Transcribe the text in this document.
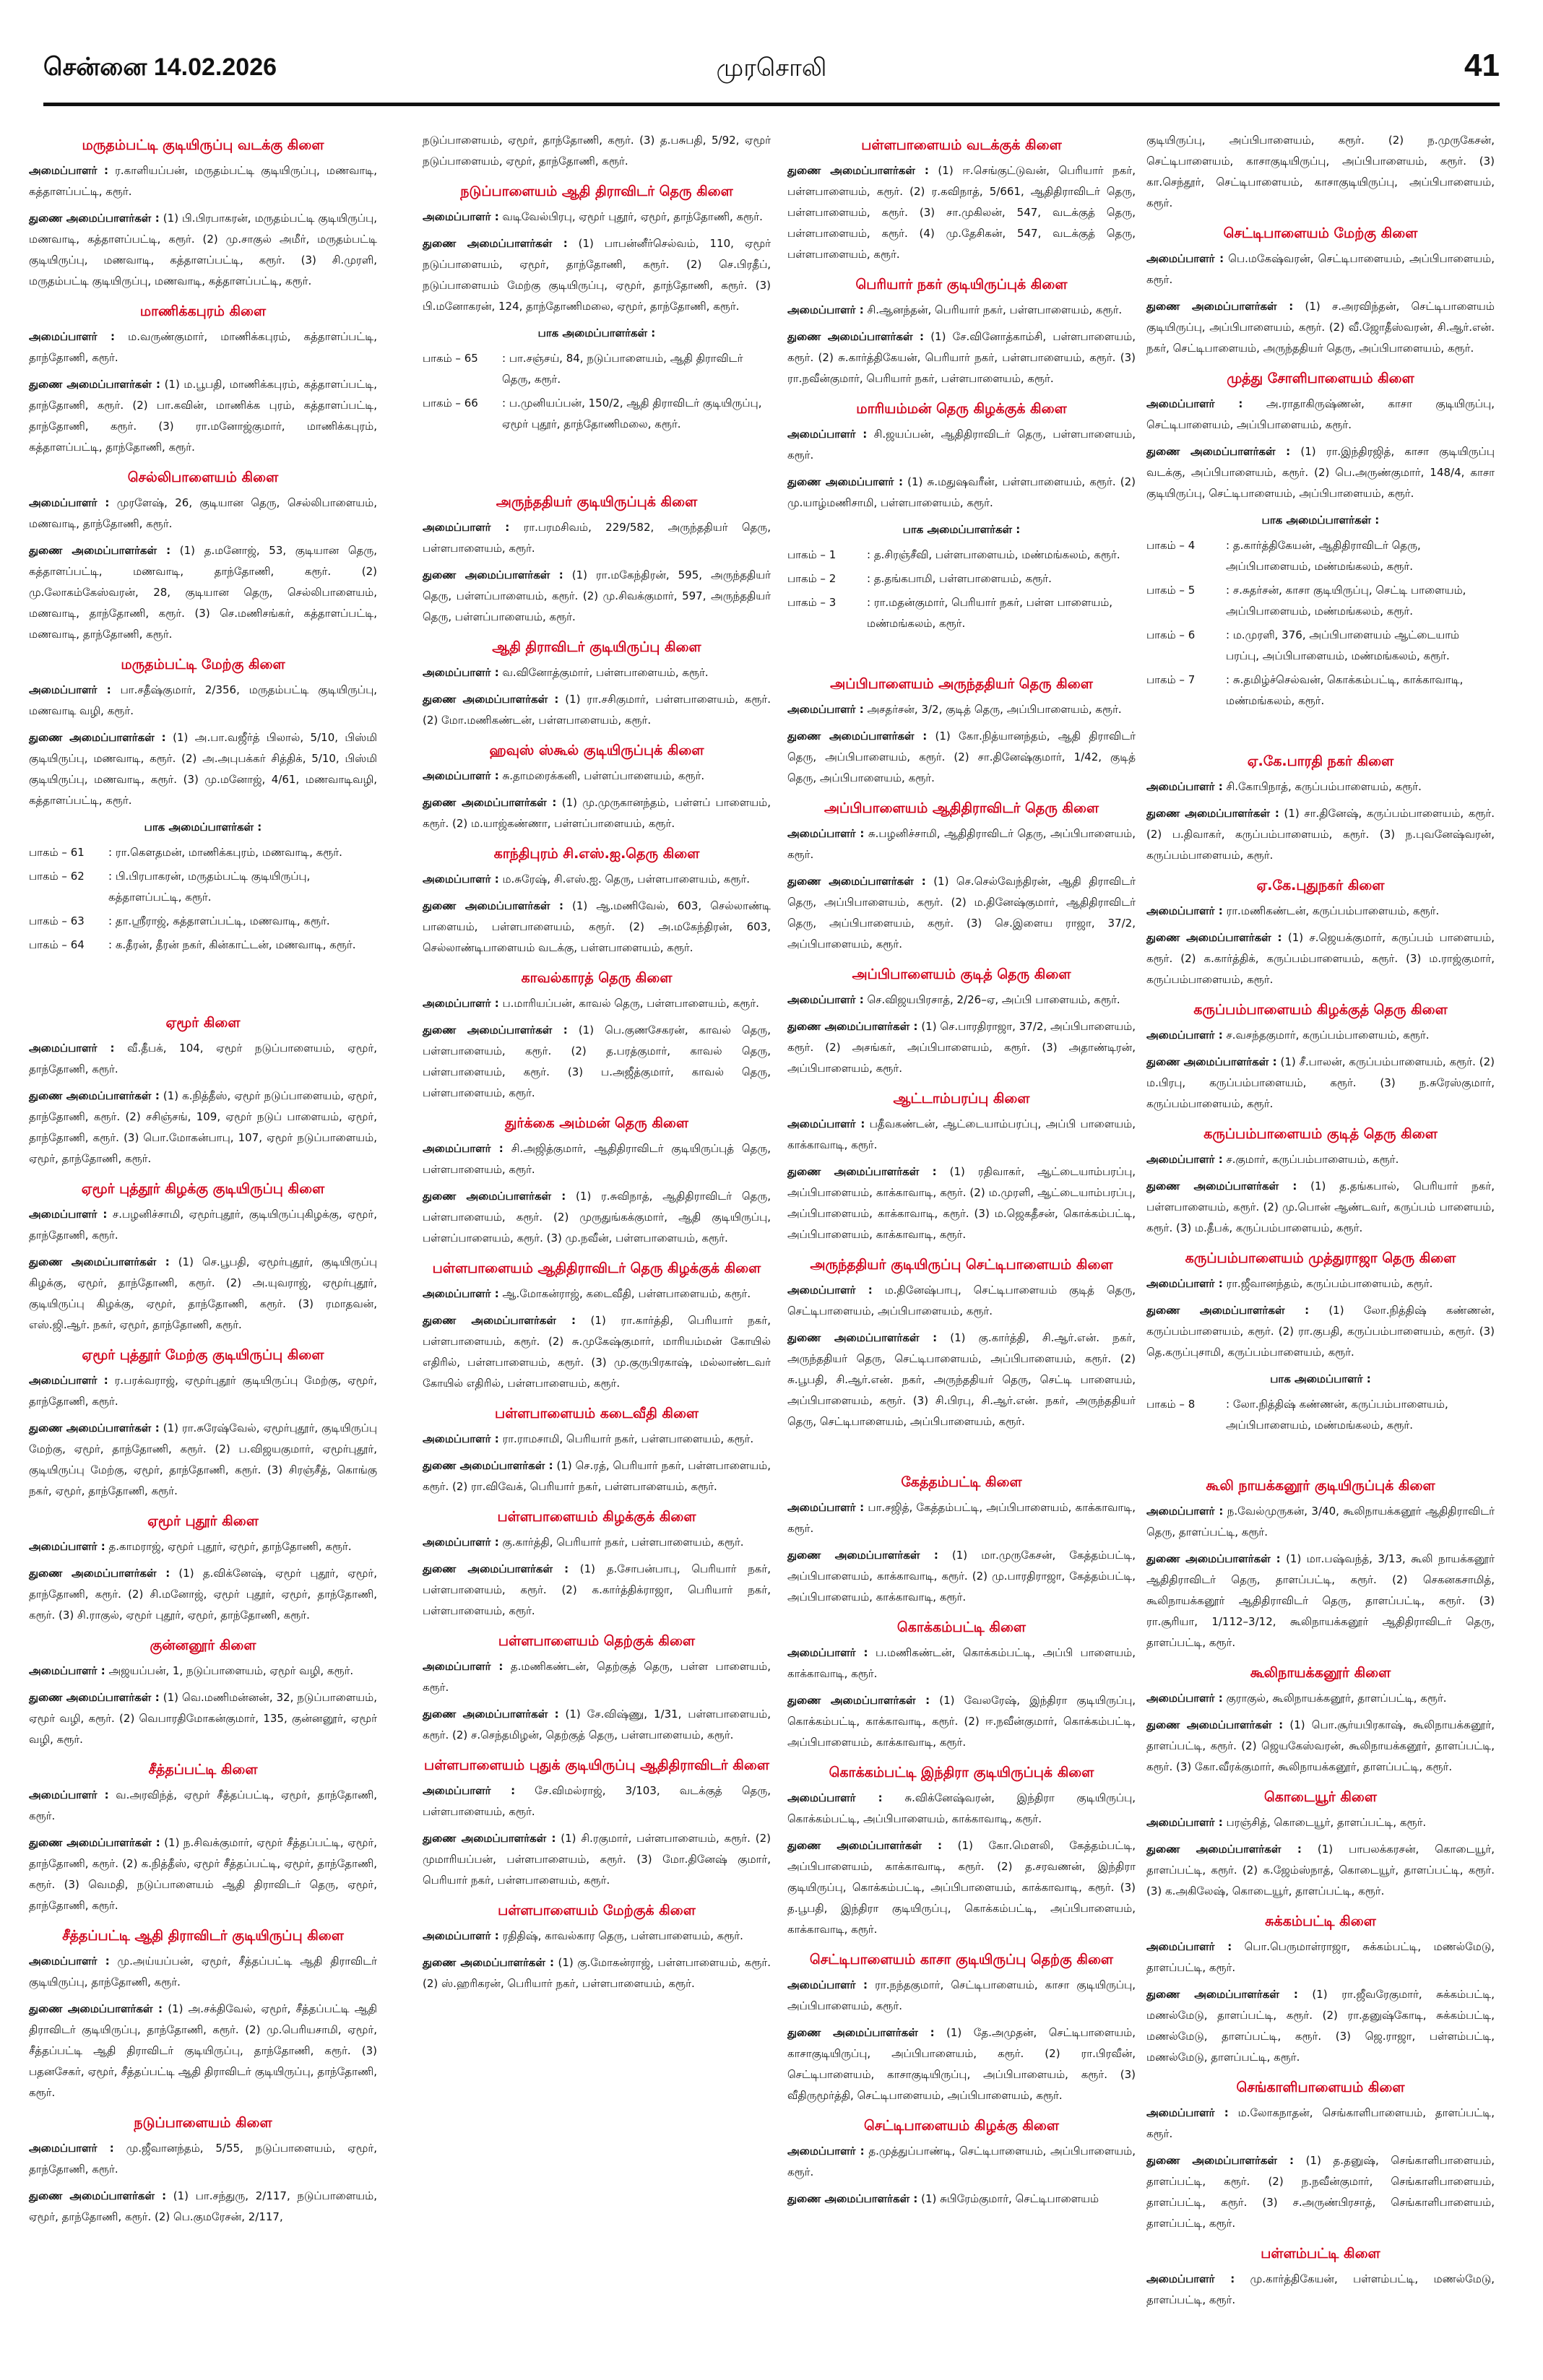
சென்னை 14.02.2026	முரசொலி	41
மருதம்பட்டி குடியிருப்பு வடக்கு கிளை
அமைப்பாளர் : ர.காளியப்பன், மருதம்பட்டி குடியிருப்பு, மணவாடி, கத்தாளப்பட்டி, கரூர்.
துணை அமைப்பாளர்கள் : (1) பி.பிரபாகரன், மருதம்பட்டி குடியிருப்பு, மணவாடி, கத்தாளப்பட்டி, கரூர். (2) மு.சாகுல் அமீர், மருதம்பட்டி குடியிருப்பு, மணவாடி, கத்தாளப்பட்டி, கரூர். (3) சி.முரளி, மருதம்பட்டி குடியிருப்பு, மணவாடி, கத்தாளப்பட்டி, கரூர்.
மாணிக்கபுரம் கிளை
அமைப்பாளர் : ம.வருண்குமார், மாணிக்கபுரம், கத்தாளப்பட்டி, தாந்தோணி, கரூர்.
துணை அமைப்பாளர்கள் : (1) ம.பூபதி, மாணிக்கபுரம், கத்தாளப்பட்டி, தாந்தோணி, கரூர். (2) பா.கவின், மாணிக்க புரம், கத்தாளப்பட்டி, தாந்தோணி, கரூர். (3) ரா.மனோஜ்குமார், மாணிக்கபுரம், கத்தாளப்பட்டி, தாந்தோணி, கரூர்.
செல்லிபாளையம் கிளை
அமைப்பாளர் : முரளேஷ், 26, குடியான தெரு, செல்லிபாளையம், மணவாடி, தாந்தோணி, கரூர்.
துணை அமைப்பாளர்கள் : (1) த.மனோஜ், 53, குடியான தெரு, கத்தாளப்பட்டி, மணவாடி, தாந்தோணி, கரூர். (2) மு.லோகம்கேஸ்வரன், 28, குடியான தெரு, செல்லிபாளையம், மணவாடி, தாந்தோணி, கரூர். (3) செ.மணிசங்கர், கத்தாளப்பட்டி, மணவாடி, தாந்தோணி, கரூர்.
மருதம்பட்டி மேற்கு கிளை
அமைப்பாளர் : பா.சதீஷ்குமார், 2/356, மருதம்பட்டி குடியிருப்பு, மணவாடி வழி, கரூர்.
துணை அமைப்பாளர்கள் : (1) அ.பா.வஜீர்த் பிலால், 5/10, பிஸ்மி குடியிருப்பு, மணவாடி, கரூர். (2) அ.அபுபக்கர் சித்திக், 5/10, பிஸ்மி குடியிருப்பு, மணவாடி, கரூர். (3) மு.மனோஜ், 4/61, மணவாடிவழி, கத்தாளப்பட்டி, கரூர்.
பாக அமைப்பாளர்கள் :
பாகம் – 61	: ரா.கௌதமன், மாணிக்கபுரம், மணவாடி, கரூர்.
பாகம் – 62	: பி.பிரபாகரன், மருதம்பட்டி குடியிருப்பு, கத்தாளப்பட்டி, கரூர்.
பாகம் – 63	: தா.ஸ்ரீராஜ், கத்தாளப்பட்டி, மணவாடி, கரூர்.
பாகம் – 64	: க.தீரன், தீரன் நகர், கின்காட்டன், மணவாடி, கரூர்.
ஏமூர் கிளை
அமைப்பாளர் : வீ.தீபக், 104, ஏமூர் நடுப்பாளையம், ஏமூர், தாந்தோணி, கரூர்.
துணை அமைப்பாளர்கள் : (1) க.நித்தீஸ், ஏமூர் நடுப்பாளையம், ஏமூர், தாந்தோணி, கரூர். (2) சசிஞ்சங், 109, ஏமூர் நடுப் பாளையம், ஏமூர், தாந்தோணி, கரூர். (3) பொ.மோகன்பாபு, 107, ஏமூர் நடுப்பாளையம், ஏமூர், தாந்தோணி, கரூர்.
ஏமூர் புத்தூர் கிழக்கு குடியிருப்பு கிளை
அமைப்பாளர் : ச.பழனிச்சாமி, ஏமூர்புதூர், குடியிருப்புகிழக்கு, ஏமூர், தாந்தோணி, கரூர்.
துணை அமைப்பாளர்கள் : (1) செ.பூபதி, ஏமூர்புதூர், குடியிருப்பு கிழக்கு, ஏமூர், தாந்தோணி, கரூர். (2) அ.யுவராஜ், ஏமூர்புதூர், குடியிருப்பு கிழக்கு, ஏமூர், தாந்தோணி, கரூர். (3) ரமாதவன், எஸ்.ஜி.ஆர். நகர், ஏமூர், தாந்தோணி, கரூர்.
ஏமூர் புத்தூர் மேற்கு குடியிருப்பு கிளை
அமைப்பாளர் : ர.பரக்வராஜ், ஏமூர்புதூர் குடியிருப்பு மேற்கு, ஏமூர், தாந்தோணி, கரூர்.
துணை அமைப்பாளர்கள் : (1) ரா.சுரேஷ்வேல், ஏமூர்புதூர், குடியிருப்பு மேற்கு, ஏமூர், தாந்தோணி, கரூர். (2) ப.விஜயகுமார், ஏமூர்புதூர், குடியிருப்பு மேற்கு, ஏமூர், தாந்தோணி, கரூர். (3) சிரஞ்சீத், கொங்கு நகர், ஏமூர், தாந்தோணி, கரூர்.
ஏமூர் புதூர் கிளை
அமைப்பாளர் : த.காமராஜ், ஏமூர் புதூர், ஏமூர், தாந்தோணி, கரூர்.
துணை அமைப்பாளர்கள் : (1) த.விக்னேஷ், ஏமூர் புதூர், ஏமூர், தாந்தோணி, கரூர். (2) சி.மனோஜ், ஏமூர் புதூர், ஏமூர், தாந்தோணி, கரூர். (3) சி.ராகுல், ஏமூர் புதூர், ஏமூர், தாந்தோணி, கரூர்.
குன்னனூர் கிளை
அமைப்பாளர் : அஜயப்பன், 1, நடுப்பாளையம், ஏமூர் வழி, கரூர்.
துணை அமைப்பாளர்கள் : (1) வெ.மணிமன்னன், 32, நடுப்பாளையம், ஏமூர் வழி, கரூர். (2) வெபாரதிமோகன்குமார், 135, குன்னனூர், ஏமூர் வழி, கரூர்.
சீத்தப்பட்டி கிளை
அமைப்பாளர் : வ.அரவிந்த், ஏமூர் சீத்தப்பட்டி, ஏமூர், தாந்தோணி, கரூர்.
துணை அமைப்பாளர்கள் : (1) ந.சிவக்குமார், ஏமூர் சீத்தப்பட்டி, ஏமூர், தாந்தோணி, கரூர். (2) க.நித்தீஸ், ஏமூர் சீத்தப்பட்டி, ஏமூர், தாந்தோணி, கரூர். (3) வெமதி, நடுப்பாளையம் ஆதி திராவிடர் தெரு, ஏமூர், தாந்தோணி, கரூர்.
சீத்தப்பட்டி ஆதி திராவிடர் குடியிருப்பு கிளை
அமைப்பாளர் : மு.அய்யப்பன், ஏமூர், சீத்தப்பட்டி ஆதி திராவிடர் குடியிருப்பு, தாந்தோணி, கரூர்.
துணை அமைப்பாளர்கள் : (1) அ.சக்திவேல், ஏமூர், சீத்தப்பட்டி ஆதி திராவிடர் குடியிருப்பு, தாந்தோணி, கரூர். (2) மு.பெரியசாமி, ஏமூர், சீத்தப்பட்டி ஆதி திராவிடர் குடியிருப்பு, தாந்தோணி, கரூர். (3) பதனசேகர், ஏமூர், சீத்தப்பட்டி ஆதி திராவிடர் குடியிருப்பு, தாந்தோணி, கரூர்.
நடுப்பாளையம் கிளை
அமைப்பாளர் : மு.ஜீவானந்தம், 5/55, நடுப்பாளையம், ஏமூர், தாந்தோணி, கரூர்.
துணை அமைப்பாளர்கள் : (1) பா.சந்துரு, 2/117, நடுப்பாளையம், ஏமூர், தாந்தோணி, கரூர். (2) பெ.குமரேசன், 2/117,
நடுப்பாளையம், ஏமூர், தாந்தோணி, கரூர். (3) த.பசுபதி, 5/92, ஏமூர் நடுப்பாளையம், ஏமூர், தாந்தோணி, கரூர்.
நடுப்பாளையம் ஆதி திராவிடர் தெரு கிளை
அமைப்பாளர் : வடிவேல்பிரபு, ஏமூர் புதூர், ஏமூர், தாந்தோணி, கரூர்.
துணை அமைப்பாளர்கள் : (1) பாபன்னீர்செல்வம், 110, ஏமூர் நடுப்பாளையம், ஏமூர், தாந்தோணி, கரூர். (2) செ.பிரதீப், நடுப்பாளையம் மேற்கு குடியிருப்பு, ஏமூர், தாந்தோணி, கரூர். (3) பி.மனோகரன், 124, தாந்தோணிமலை, ஏமூர், தாந்தோணி, கரூர்.
பாக அமைப்பாளர்கள் :
பாகம் – 65	: பா.சஞ்சய், 84, நடுப்பாளையம், ஆதி திராவிடர் தெரு, கரூர்.
பாகம் – 66	: ப.முனியப்பன், 150/2, ஆதி திராவிடர் குடியிருப்பு, ஏமூர் புதூர், தாந்தோணிமலை, கரூர்.
அருந்ததியர் குடியிருப்புக் கிளை
அமைப்பாளர் : ரா.பரமசிவம், 229/582, அருந்ததியர் தெரு, பள்ளபாளையம், கரூர்.
துணை அமைப்பாளர்கள் : (1) ரா.மகேந்திரன், 595, அருந்ததியர் தெரு, பள்ளப்பாளையம், கரூர். (2) மு.சிவக்குமார், 597, அருந்ததியர் தெரு, பள்ளப்பாளையம், கரூர்.
ஆதி திராவிடர் குடியிருப்பு கிளை
அமைப்பாளர் : வ.வினோத்குமார், பள்ளபாளையம், கரூர்.
துணை அமைப்பாளர்கள் : (1) ரா.சசிகுமார், பள்ளபாளையம், கரூர். (2) மோ.மணிகண்டன், பள்ளபாளையம், கரூர்.
ஹவுஸ் ஸ்கூல் குடியிருப்புக் கிளை
அமைப்பாளர் : சு.தாமரைக்கனி, பள்ளப்பாளையம், கரூர்.
துணை அமைப்பாளர்கள் : (1) மு.முருகானந்தம், பள்ளப் பாளையம், கரூர். (2) ம.யாஜ்கண்ணா, பள்ளப்பாளையம், கரூர்.
காந்திபுரம் சி.எஸ்.ஐ.தெரு கிளை
அமைப்பாளர் : ம.சுரேஷ், சி.எஸ்.ஐ. தெரு, பள்ளபாளையம், கரூர்.
துணை அமைப்பாளர்கள் : (1) ஆ.மணிவேல், 603, செல்லாண்டி பாளையம், பள்ளபாளையம், கரூர். (2) அ.மகேந்திரன், 603, செல்லாண்டிபாளையம் வடக்கு, பள்ளபாளையம், கரூர்.
காவல்காரத் தெரு கிளை
அமைப்பாளர் : ப.மாரியப்பன், காவல் தெரு, பள்ளபாளையம், கரூர்.
துணை அமைப்பாளர்கள் : (1) பெ.குணசேகரன், காவல் தெரு, பள்ளபாளையம், கரூர். (2) த.பரத்குமார், காவல் தெரு, பள்ளபாளையம், கரூர். (3) ப.அஜீத்குமார், காவல் தெரு, பள்ளபாளையம், கரூர்.
துர்க்கை அம்மன் தெரு கிளை
அமைப்பாளர் : சி.அஜித்குமார், ஆதிதிராவிடர் குடியிருப்புத் தெரு, பள்ளபாளையம், கரூர்.
துணை அமைப்பாளர்கள் : (1) ர.சுவிநாத், ஆதிதிராவிடர் தெரு, பள்ளபாளையம், கரூர். (2) முருதுங்கக்குமார், ஆதி குடியிருப்பு, பள்ளப்பாளையம், கரூர். (3) மு.நவீன், பள்ளபாளையம், கரூர்.
பள்ளபாளையம் ஆதிதிராவிடர் தெரு கிழக்குக் கிளை
அமைப்பாளர் : ஆ.மோகன்ராஜ், கடைவீதி, பள்ளபாளையம், கரூர்.
துணை அமைப்பாளர்கள் : (1) ரா.கார்த்தி, பெரியார் நகர், பள்ளபாளையம், கரூர். (2) சு.முகேஷ்குமார், மாரியம்மன் கோயில் எதிரில், பள்ளபாளையம், கரூர். (3) மு.குருபிரகாஷ், மல்லாண்டவர் கோயில் எதிரில், பள்ளபாளையம், கரூர்.
பள்ளபாளையம் கடைவீதி கிளை
அமைப்பாளர் : ரா.ராமசாமி, பெரியார் நகர், பள்ளபாளையம், கரூர்.
துணை அமைப்பாளர்கள் : (1) செ.ரத், பெரியார் நகர், பள்ளபாளையம், கரூர். (2) ரா.விவேக், பெரியார் நகர், பள்ளபாளையம், கரூர்.
பள்ளபாளையம் கிழக்குக் கிளை
அமைப்பாளர் : கு.கார்த்தி, பெரியார் நகர், பள்ளபாளையம், கரூர்.
துணை அமைப்பாளர்கள் : (1) த.சோபன்பாபு, பெரியார் நகர், பள்ளபாளையம், கரூர். (2) க.கார்த்திக்ராஜா, பெரியார் நகர், பள்ளபாளையம், கரூர்.
பள்ளபாளையம் தெற்குக் கிளை
அமைப்பாளர் : த.மணிகண்டன், தெற்குத் தெரு, பள்ள பாளையம், கரூர்.
துணை அமைப்பாளர்கள் : (1) சே.விஷ்ணு, 1/31, பள்ளபாளையம், கரூர். (2) ச.செந்தமிழன், தெற்குத் தெரு, பள்ளபாளையம், கரூர்.
பள்ளபாளையம் புதுக் குடியிருப்பு ஆதிதிராவிடர் கிளை
அமைப்பாளர் : சே.விமல்ராஜ், 3/103, வடக்குத் தெரு, பள்ளபாளையம், கரூர்.
துணை அமைப்பாளர்கள் : (1) சி.ரகுமார், பள்ளபாளையம், கரூர். (2) முமாரியப்பன், பள்ளபாளையம், கரூர். (3) மோ.தினேஷ் குமார், பெரியார் நகர், பள்ளபாளையம், கரூர்.
பள்ளபாளையம் மேற்குக் கிளை
அமைப்பாளர் : ரதிதிஷ், காவல்கார தெரு, பள்ளபாளையம், கரூர்.
துணை அமைப்பாளர்கள் : (1) கு.மோகன்ராஜ், பள்ளபாளையம், கரூர். (2) ஸ்.ஹரிகரன், பெரியார் நகர், பள்ளபாளையம், கரூர்.
பள்ளபாளையம் வடக்குக் கிளை
துணை அமைப்பாளர்கள் : (1) ஈ.செங்குட்டுவன், பெரியார் நகர், பள்ளபாளையம், கரூர். (2) ர.கவிநாத், 5/661, ஆதிதிராவிடர் தெரு, பள்ளபாளையம், கரூர். (3) சா.முகிலன், 547, வடக்குத் தெரு, பள்ளபாளையம், கரூர். (4) மு.தேசிகன், 547, வடக்குத் தெரு, பள்ளபாளையம், கரூர்.
பெரியார் நகர் குடியிருப்புக் கிளை
அமைப்பாளர் : சி.ஆனந்தன், பெரியார் நகர், பள்ளபாளையம், கரூர்.
துணை அமைப்பாளர்கள் : (1) சே.வினோத்காம்சி, பள்ளபாளையம், கரூர். (2) சு.கார்த்திகேயன், பெரியார் நகர், பள்ளபாளையம், கரூர். (3) ரா.நவீன்குமார், பெரியார் நகர், பள்ளபாளையம், கரூர்.
மாரியம்மன் தெரு கிழக்குக் கிளை
அமைப்பாளர் : சி.ஜயப்பன், ஆதிதிராவிடர் தெரு, பள்ளபாளையம், கரூர்.
துணை அமைப்பாளர் : (1) சு.மதுஷவரீன், பள்ளபாளையம், கரூர். (2) மு.யாழ்மணிசாமி, பள்ளபாளையம், கரூர்.
பாக அமைப்பாளர்கள் :
பாகம் – 1	: த.சிரஞ்சீவி, பள்ளபாளையம், மண்மங்கலம், கரூர்.
பாகம் – 2	: த.தங்கபாமி, பள்ளபாளையம், கரூர்.
பாகம் – 3	: ரா.மதன்குமார், பெரியார் நகர், பள்ள பாளையம், மண்மங்கலம், கரூர்.
அப்பிபாளையம் அருந்ததியர் தெரு கிளை
அமைப்பாளர் : அசதர்சன், 3/2, குடித் தெரு, அப்பிபாளையம், கரூர்.
துணை அமைப்பாளர்கள் : (1) கோ.நித்யானந்தம், ஆதி திராவிடர் தெரு, அப்பிபாளையம், கரூர். (2) சா.தினேஷ்குமார், 1/42, குடித் தெரு, அப்பிபாளையம், கரூர்.
அப்பிபாளையம் ஆதிதிராவிடர் தெரு கிளை
அமைப்பாளர் : சு.பழனிச்சாமி, ஆதிதிராவிடர் தெரு, அப்பிபாளையம், கரூர்.
துணை அமைப்பாளர்கள் : (1) செ.செல்வேந்திரன், ஆதி திராவிடர் தெரு, அப்பிபாளையம், கரூர். (2) ம.தினேஷ்குமார், ஆதிதிராவிடர் தெரு, அப்பிபாளையம், கரூர். (3) செ.இளைய ராஜா, 37/2, அப்பிபாளையம், கரூர்.
அப்பிபாளையம் குடித் தெரு கிளை
அமைப்பாளர் : செ.விஜயபிரசாத், 2/26–ஏ, அப்பி பாளையம், கரூர்.
துணை அமைப்பாளர்கள் : (1) செ.பாரதிராஜா, 37/2, அப்பிபாளையம், கரூர். (2) அசங்கர், அப்பிபாளையம், கரூர். (3) அதாண்டிரன், அப்பிபாளையம், கரூர்.
ஆட்டாம்பரப்பு கிளை
அமைப்பாளர் : பதீவகண்டன், ஆட்டையாம்பரப்பு, அப்பி பாளையம், காக்காவாடி, கரூர்.
துணை அமைப்பாளர்கள் : (1) ரதிவாகர், ஆட்டையாம்பரப்பு, அப்பிபாளையம், காக்காவாடி, கரூர். (2) ம.முரளி, ஆட்டையாம்பரப்பு, அப்பிபாளையம், காக்காவாடி, கரூர். (3) ம.ஜெகதீசன், கொக்கம்பட்டி, அப்பிபாளையம், காக்காவாடி, கரூர்.
அருந்ததியர் குடியிருப்பு செட்டிபாளையம் கிளை
அமைப்பாளர் : ம.தினேஷ்பாபு, செட்டிபாளையம் குடித் தெரு, செட்டிபாளையம், அப்பிபாளையம், கரூர்.
துணை அமைப்பாளர்கள் : (1) கு.கார்த்தி, சி.ஆர்.என். நகர், அருந்ததியர் தெரு, செட்டிபாளையம், அப்பிபாளையம், கரூர். (2) சு.பூபதி, சி.ஆர்.என். நகர், அருந்ததியர் தெரு, செட்டி பாளையம், அப்பிபாளையம், கரூர். (3) சி.பிரபு, சி.ஆர்.என். நகர், அருந்ததியர் தெரு, செட்டிபாளையம், அப்பிபாளையம், கரூர்.
கேத்தம்பட்டி கிளை
அமைப்பாளர் : பா.சஜித், கேத்தம்பட்டி, அப்பிபாளையம், காக்காவாடி, கரூர்.
துணை அமைப்பாளர்கள் : (1) மா.முருகேசன், கேத்தம்பட்டி, அப்பிபாளையம், காக்காவாடி, கரூர். (2) மு.பாரதிராஜா, கேத்தம்பட்டி, அப்பிபாளையம், காக்காவாடி, கரூர்.
கொக்கம்பட்டி கிளை
அமைப்பாளர் : ப.மணிகண்டன், கொக்கம்பட்டி, அப்பி பாளையம், காக்காவாடி, கரூர்.
துணை அமைப்பாளர்கள் : (1) வேலரேஷ், இந்திரா குடியிருப்பு, கொக்கம்பட்டி, காக்காவாடி, கரூர். (2) ஈ.நவீன்குமார், கொக்கம்பட்டி, அப்பிபாளையம், காக்காவாடி, கரூர்.
கொக்கம்பட்டி இந்திரா குடியிருப்புக் கிளை
அமைப்பாளர் : சு.விக்னேஷ்வரன், இந்திரா குடியிருப்பு, கொக்கம்பட்டி, அப்பிபாளையம், காக்காவாடி, கரூர்.
துணை அமைப்பாளர்கள் : (1) கோ.மௌலி, கேத்தம்பட்டி, அப்பிபாளையம், காக்காவாடி, கரூர். (2) த.சரவணன், இந்திரா குடியிருப்பு, கொக்கம்பட்டி, அப்பிபாளையம், காக்காவாடி, கரூர். (3) த.பூபதி, இந்திரா குடியிருப்பு, கொக்கம்பட்டி, அப்பிபாளையம், காக்காவாடி, கரூர்.
செட்டிபாளையம் காசா குடியிருப்பு தெற்கு கிளை
அமைப்பாளர் : ரா.நந்தகுமார், செட்டிபாளையம், காசா குடியிருப்பு, அப்பிபாளையம், கரூர்.
துணை அமைப்பாளர்கள் : (1) தே.அமுதன், செட்டிபாளையம், காசாகுடியிருப்பு, அப்பிபாளையம், கரூர். (2) ரா.பிரவீன், செட்டிபாளையம், காசாகுடியிருப்பு, அப்பிபாளையம், கரூர். (3) வீதிருமூர்த்தி, செட்டிபாளையம், அப்பிபாளையம், கரூர்.
செட்டிபாளையம் கிழக்கு கிளை
அமைப்பாளர் : த.முத்துப்பாண்டி, செட்டிபாளையம், அப்பிபாளையம், கரூர்.
துணை அமைப்பாளர்கள் : (1) சுபிரேம்குமார், செட்டிபாளையம்
குடியிருப்பு, அப்பிபாளையம், கரூர். (2) ந.முருகேசன், செட்டிபாளையம், காசாகுடியிருப்பு, அப்பிபாளையம், கரூர். (3) கா.செந்தூர், செட்டிபாளையம், காசாகுடியிருப்பு, அப்பிபாளையம், கரூர்.
செட்டிபாளையம் மேற்கு கிளை
அமைப்பாளர் : பெ.மகேஷ்வரன், செட்டிபாளையம், அப்பிபாளையம், கரூர்.
துணை அமைப்பாளர்கள் : (1) ச.அரவிந்தன், செட்டிபாளையம் குடியிருப்பு, அப்பிபாளையம், கரூர். (2) வீ.ஜோதீஸ்வரன், சி.ஆர்.என். நகர், செட்டிபாளையம், அருந்ததியர் தெரு, அப்பிபாளையம், கரூர்.
முத்து சோளிபாளையம் கிளை
அமைப்பாளர் : அ.ராதாகிருஷ்ணன், காசா குடியிருப்பு, செட்டிபாளையம், அப்பிபாளையம், கரூர்.
துணை அமைப்பாளர்கள் : (1) ரா.இந்திரஜித், காசா குடியிருப்பு வடக்கு, அப்பிபாளையம், கரூர். (2) பெ.அருண்குமார், 148/4, காசா குடியிருப்பு, செட்டிபாளையம், அப்பிபாளையம், கரூர்.
பாக அமைப்பாளர்கள் :
பாகம் – 4	: த.கார்த்திகேயன், ஆதிதிராவிடர் தெரு, அப்பிபாளையம், மண்மங்கலம், கரூர்.
பாகம் – 5	: ச.சுதர்சன், காசா குடியிருப்பு, செட்டி பாளையம், அப்பிபாளையம், மண்மங்கலம், கரூர்.
பாகம் – 6	: ம.முரளி, 376, அப்பிபாளையம் ஆட்டையாம் பரப்பு, அப்பிபாளையம், மண்மங்கலம், கரூர்.
பாகம் – 7	: சு.தமிழ்ச்செல்வன், கொக்கம்பட்டி, காக்காவாடி, மண்மங்கலம், கரூர்.
ஏ.கே.பாரதி நகர் கிளை
அமைப்பாளர் : சி.கோபிநாத், கருப்பம்பாளையம், கரூர்.
துணை அமைப்பாளர்கள் : (1) சா.தினேஷ், கருப்பம்பாளையம், கரூர். (2) ப.திவாகர், கருப்பம்பாளையம், கரூர். (3) ந.புவனேஷ்வரன், கருப்பம்பாளையம், கரூர்.
ஏ.கே.புதுநகர் கிளை
அமைப்பாளர் : ரா.மணிகண்டன், கருப்பம்பாளையம், கரூர்.
துணை அமைப்பாளர்கள் : (1) ச.ஜெயக்குமார், கருப்பம் பாளையம், கரூர். (2) க.கார்த்திக், கருப்பம்பாளையம், கரூர். (3) ம.ராஜ்குமார், கருப்பம்பாளையம், கரூர்.
கருப்பம்பாளையம் கிழக்குத் தெரு கிளை
அமைப்பாளர் : ச.வசந்தகுமார், கருப்பம்பாளையம், கரூர்.
துணை அமைப்பாளர்கள் : (1) சீ.பாலன், கருப்பம்பாளையம், கரூர். (2) ம.பிரபு, கருப்பம்பாளையம், கரூர். (3) ந.சுரேஸ்குமார், கருப்பம்பாளையம், கரூர்.
கருப்பம்பாளையம் குடித் தெரு கிளை
அமைப்பாளர் : ச.குமார், கருப்பம்பாளையம், கரூர்.
துணை அமைப்பாளர்கள் : (1) த.தங்கபால், பெரியார் நகர், பள்ளபாளையம், கரூர். (2) மு.பொன் ஆண்டவர், கருப்பம் பாளையம், கரூர். (3) ம.தீபக், கருப்பம்பாளையம், கரூர்.
கருப்பம்பாளையம் முத்துராஜா தெரு கிளை
அமைப்பாளர் : ரா.ஜீவானந்தம், கருப்பம்பாளையம், கரூர்.
துணை அமைப்பாளர்கள் : (1) லோ.நித்திஷ் கண்ணன், கருப்பம்பாளையம், கரூர். (2) ரா.குபதி, கருப்பம்பாளையம், கரூர். (3) தெ.கருப்புசாமி, கருப்பம்பாளையம், கரூர்.
பாக அமைப்பாளர் :
பாகம் – 8	: லோ.நித்திஷ் கண்ணன், கருப்பம்பாளையம், அப்பிபாளையம், மண்மங்கலம், கரூர்.
கூலி நாயக்கனூர் குடியிருப்புக் கிளை
அமைப்பாளர் : ந.வேல்முருகன், 3/40, கூலிநாயக்கனூர் ஆதிதிராவிடர் தெரு, தாளப்பட்டி, கரூர்.
துணை அமைப்பாளர்கள் : (1) மா.பஷ்வந்த், 3/13, கூலி நாயக்கனூர் ஆதிதிராவிடர் தெரு, தாளப்பட்டி, கரூர். (2) செகனகசாமித், கூலிநாயக்கனூர் ஆதிதிராவிடர் தெரு, தாளப்பட்டி, கரூர். (3) ரா.சூரியா, 1/112–3/12, கூலிநாயக்கனூர் ஆதிதிராவிடர் தெரு, தாளப்பட்டி, கரூர்.
கூலிநாயக்கனூர் கிளை
அமைப்பாளர் : குராகுல், கூலிநாயக்கனூர், தாளப்பட்டி, கரூர்.
துணை அமைப்பாளர்கள் : (1) பொ.சூர்யபிரகாஷ், கூலிநாயக்கனூர், தாளப்பட்டி, கரூர். (2) ஜெயகேஸ்வரன், கூலிநாயக்கனூர், தாளப்பட்டி, கரூர். (3) கோ.வீரக்குமார், கூலிநாயக்கனூர், தாளப்பட்டி, கரூர்.
கொடையூர் கிளை
அமைப்பாளர் : பரஞ்சித், கொடையூர், தாளப்பட்டி, கரூர்.
துணை அமைப்பாளர்கள் : (1) பாபலக்கரசன், கொடையூர், தாளப்பட்டி, கரூர். (2) க.ஜேம்ஸ்நாத், கொடையூர், தாளப்பட்டி, கரூர். (3) க.அகிலேஷ், கொடையூர், தாளப்பட்டி, கரூர்.
சுக்கம்பட்டி கிளை
அமைப்பாளர் : பொ.பெருமாள்ராஜா, சுக்கம்பட்டி, மணல்மேடு, தாளப்பட்டி, கரூர்.
துணை அமைப்பாளர்கள் : (1) ரா.ஜீவரேகுமார், சுக்கம்பட்டி, மணல்மேடு, தாளப்பட்டி, கரூர். (2) ரா.தனுஷ்கோடி, சுக்கம்பட்டி, மணல்மேடு, தாளப்பட்டி, கரூர். (3) ஜெ.ராஜா, பள்ளம்பட்டி, மணல்மேடு, தாளப்பட்டி, கரூர்.
செங்காளிபாளையம் கிளை
அமைப்பாளர் : ம.லோகநாதன், செங்காளிபாளையம், தாளப்பட்டி, கரூர்.
துணை அமைப்பாளர்கள் : (1) த.தனுஷ், செங்காளிபாளையம், தாளப்பட்டி, கரூர். (2) ந.நவீன்குமார், செங்காளிபாளையம், தாளப்பட்டி, கரூர். (3) ச.அருண்பிரசாத், செங்காளிபாளையம், தாளப்பட்டி, கரூர்.
பள்ளம்பட்டி கிளை
அமைப்பாளர் : மு.கார்த்திகேயன், பள்ளம்பட்டி, மணல்மேடு, தாளப்பட்டி, கரூர்.
